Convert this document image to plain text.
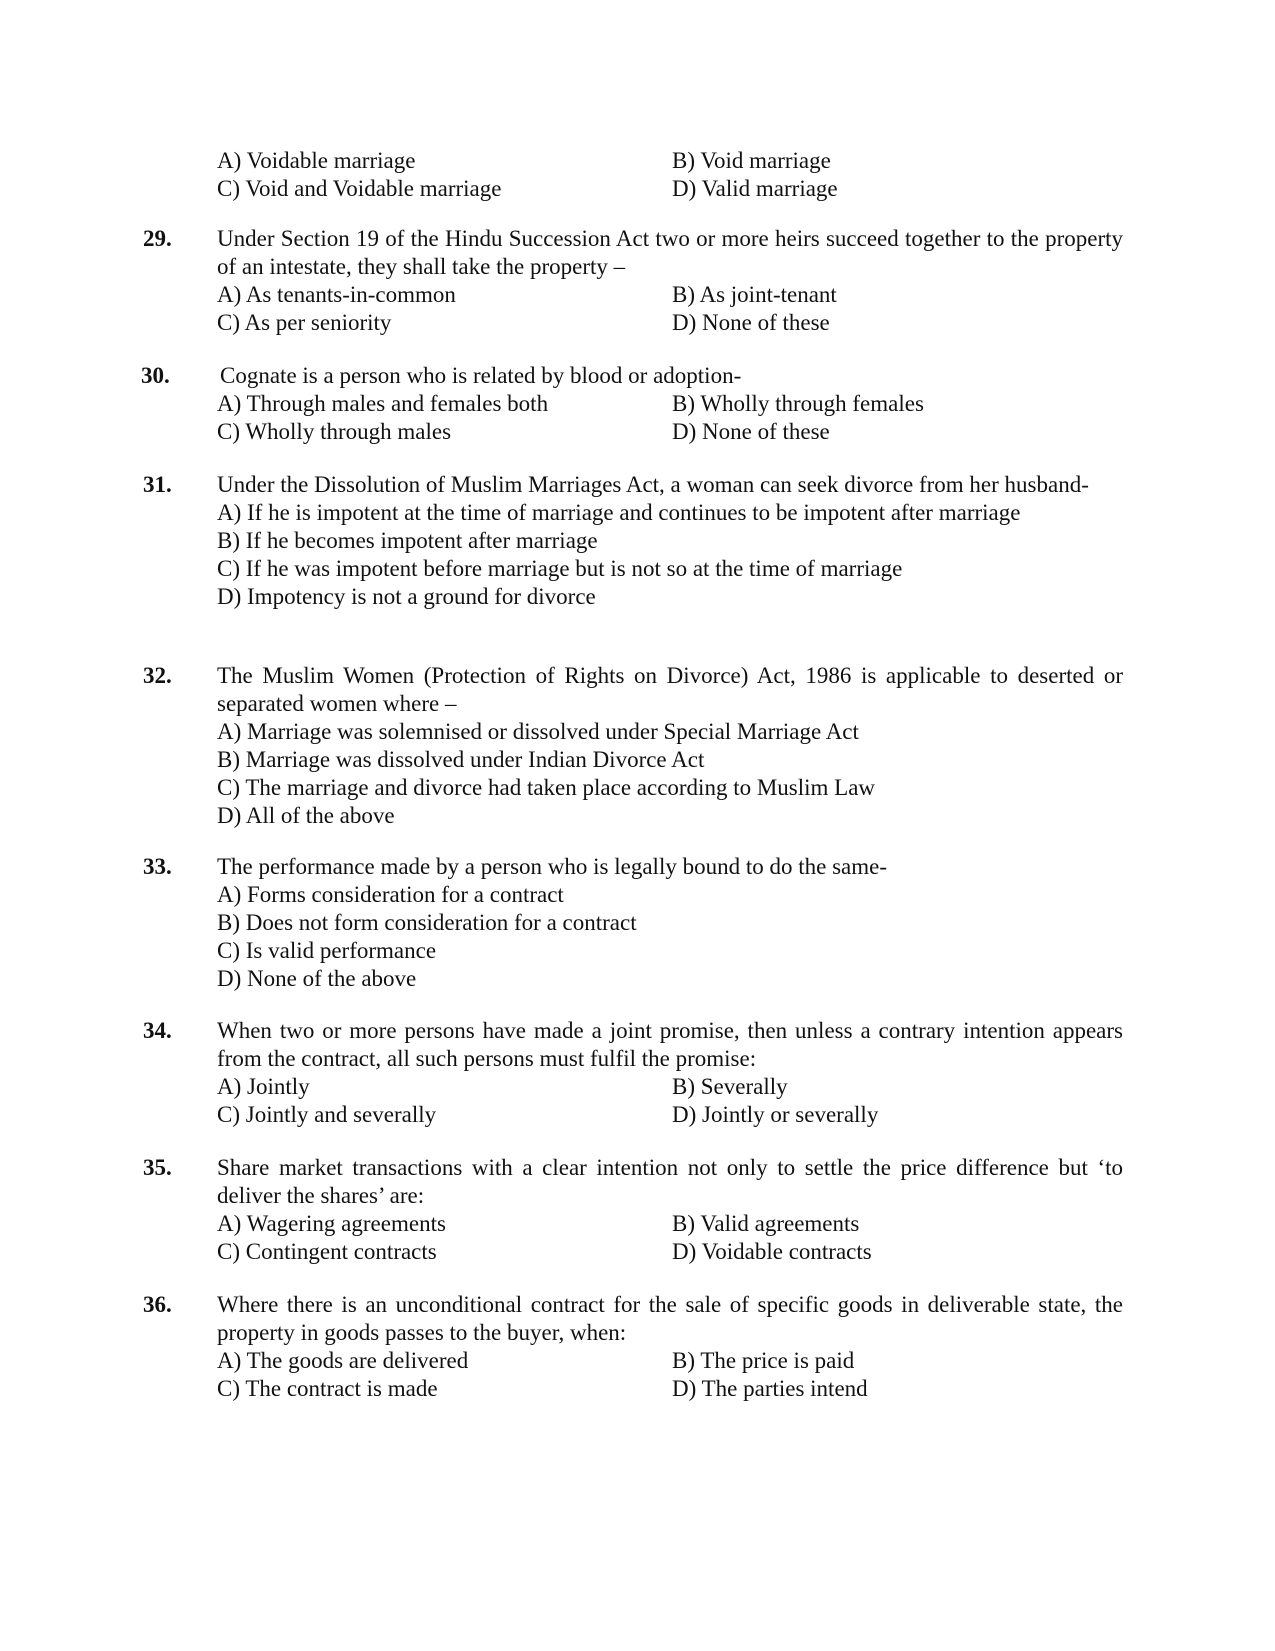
A) Voidable marriage	B) Void marriage
C) Void and Voidable marriage	D) Valid marriage
29. Under Section 19 of the Hindu Succession Act two or more heirs succeed together to the property of an intestate, they shall take the property –
A) As tenants-in-common	B) As joint-tenant
C) As per seniority	D) None of these
30. Cognate is a person who is related by blood or adoption-
A) Through males and females both	B) Wholly through females
C) Wholly through males	D) None of these
31. Under the Dissolution of Muslim Marriages Act, a woman can seek divorce from her husband-
A) If he is impotent at the time of marriage and continues to be impotent after marriage
B) If he becomes impotent after marriage
C) If he was impotent before marriage but is not so at the time of marriage
D) Impotency is not a ground for divorce
32. The Muslim Women (Protection of Rights on Divorce) Act, 1986 is applicable to deserted or separated women where –
A) Marriage was solemnised or dissolved under Special Marriage Act
B) Marriage was dissolved under Indian Divorce Act
C) The marriage and divorce had taken place according to Muslim Law
D) All of the above
33. The performance made by a person who is legally bound to do the same-
A) Forms consideration for a contract
B) Does not form consideration for a contract
C) Is valid performance
D) None of the above
34. When two or more persons have made a joint promise, then unless a contrary intention appears from the contract, all such persons must fulfil the promise:
A) Jointly	B) Severally
C) Jointly and severally	D) Jointly or severally
35. Share market transactions with a clear intention not only to settle the price difference but ‘to deliver the shares’ are:
A) Wagering agreements	B) Valid agreements
C) Contingent contracts	D) Voidable contracts
36. Where there is an unconditional contract for the sale of specific goods in deliverable state, the property in goods passes to the buyer, when:
A) The goods are delivered	B) The price is paid
C) The contract is made	D) The parties intend
